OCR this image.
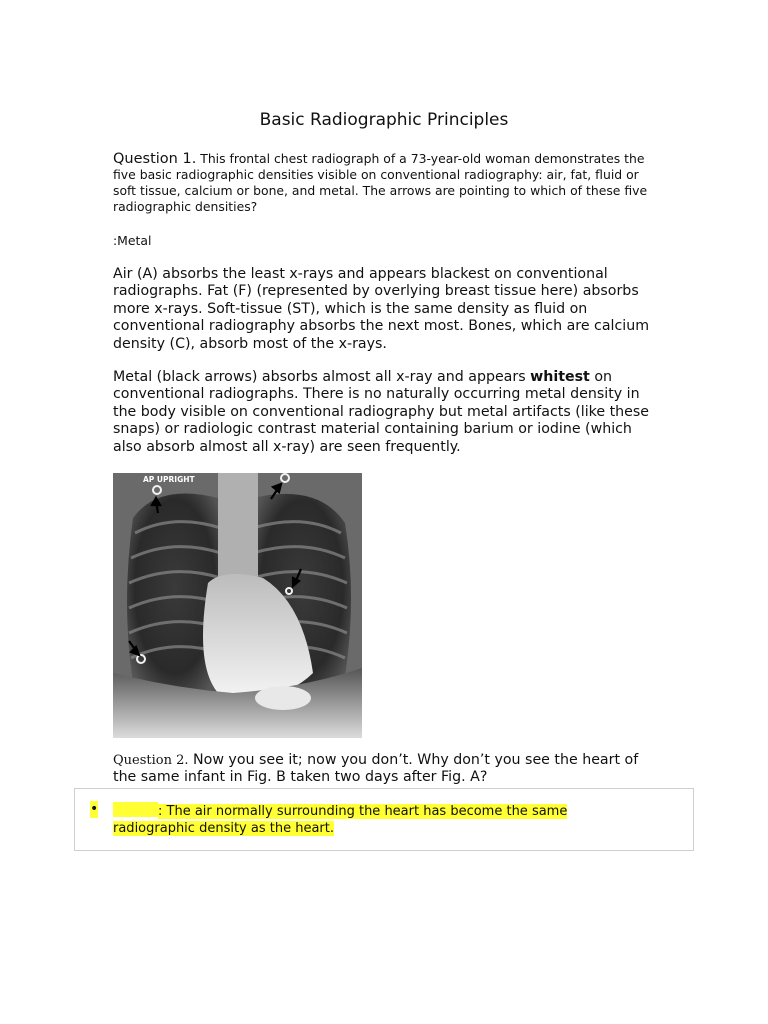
Basic Radiographic Principles
Question 1. This frontal chest radiograph of a 73-year-old woman demonstrates the five basic radiographic densities visible on conventional radiography: air, fat, fluid or soft tissue, calcium or bone, and metal. The arrows are pointing to which of these five radiographic densities?
:Metal
Air (A) absorbs the least x-rays and appears blackest on conventional radiographs. Fat (F) (represented by overlying breast tissue here) absorbs more x-rays. Soft-tissue (ST), which is the same density as fluid on conventional radiography absorbs the next most. Bones, which are calcium density (C), absorb most of the x-rays.
Metal (black arrows) absorbs almost all x-ray and appears whitest on conventional radiographs. There is no naturally occurring metal density in the body visible on conventional radiography but metal artifacts (like these snaps) or radiologic contrast material containing barium or iodine (which also absorb almost all x-ray) are seen frequently.
AP UPRIGHT
Question 2. Now you see it; now you don’t. Why don’t you see the heart of the same infant in Fig. B taken two days after Fig. A?
•	: The air normally surrounding the heart has become the same radiographic density as the heart.
